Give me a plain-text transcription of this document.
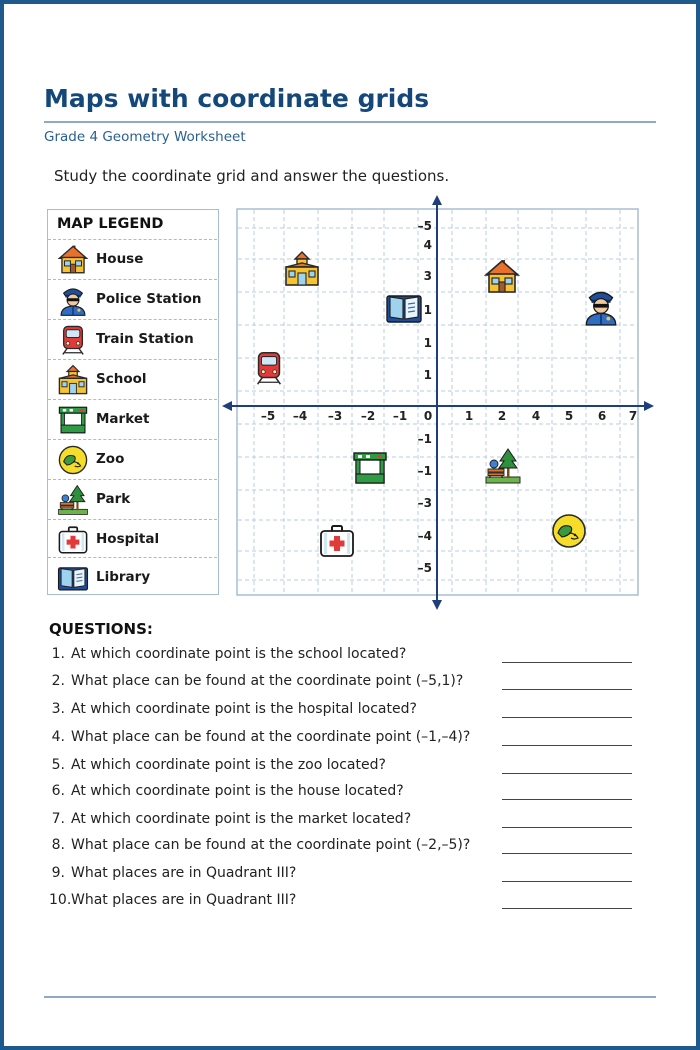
Maps with coordinate grids
Grade 4 Geometry Worksheet
Study the coordinate grid and answer the questions.
MAP LEGEND
House
Police Station
Train Station
School
Market
Zoo
Park
Hospital
Library
–5 –4 –3 –2 –1 0	1 2 4 5 6 7
–5
4
3
1
1
1
–1
–1
–3
–4
–5
QUESTIONS:
1. At which coordinate point is the school located?
2. What place can be found at the coordinate point (–5,1)?
3. At which coordinate point is the hospital located?
4. What place can be found at the coordinate point (–1,–4)?
5. At which coordinate point is the zoo located?
6. At which coordinate point is the house located?
7. At which coordinate point is the market located?
8. What place can be found at the coordinate point (–2,–5)?
9. What places are in Quadrant III?
10. What places are in Quadrant III?
